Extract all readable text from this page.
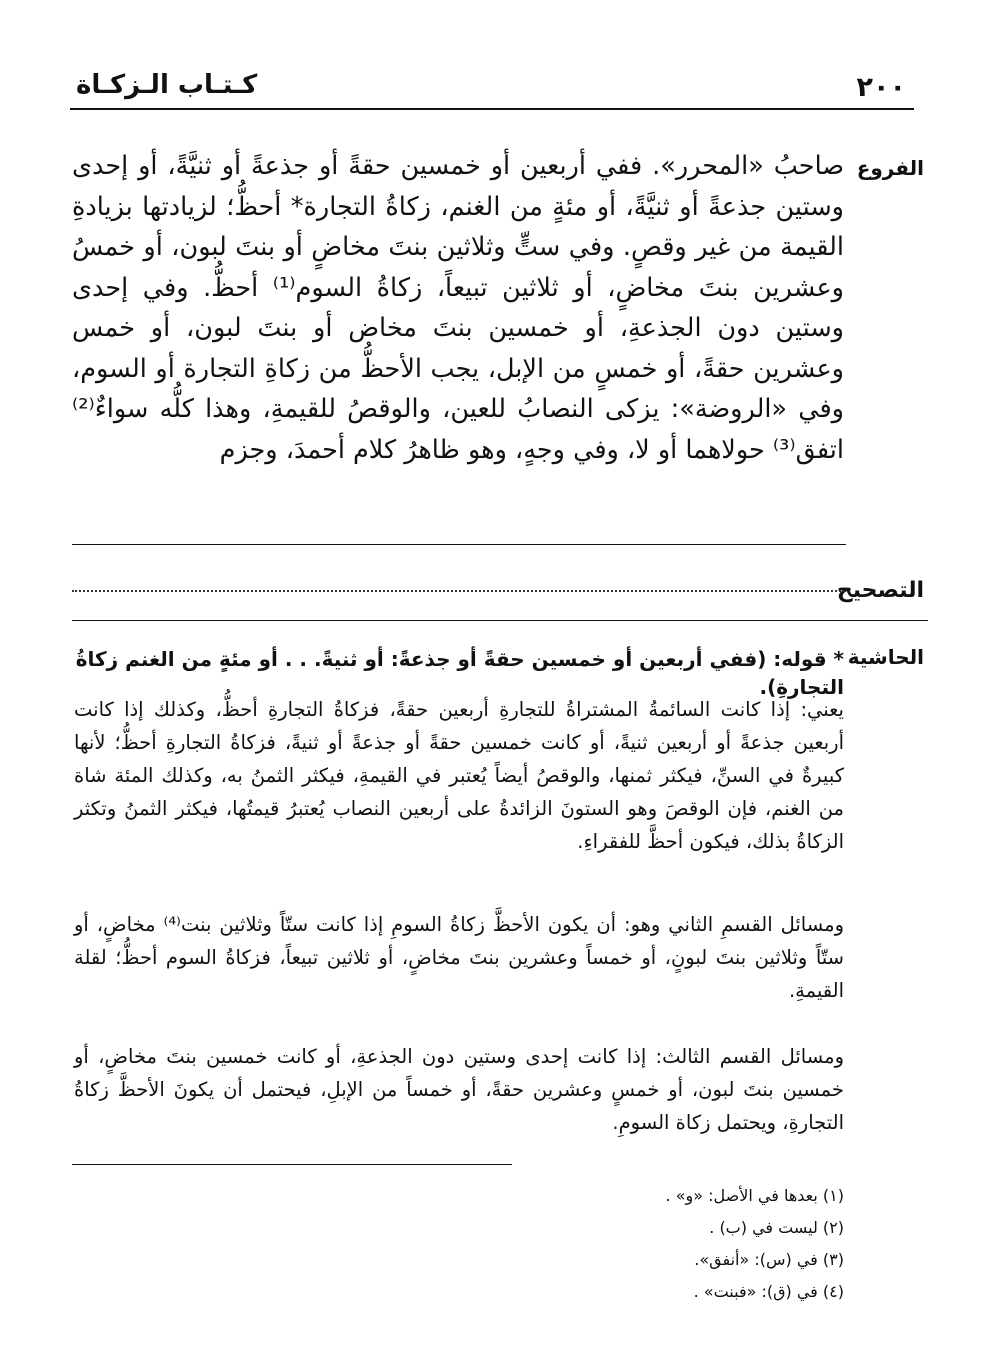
٢٠٠
كـتـاب الـزكـاة
الفروع

صاحبُ «المحرر». ففي أربعين أو خمسين حقةً أو جذعةً أو ثنيَّةً، أو إحدى وستين جذعةً أو ثنيَّةً، أو مئةٍ من الغنم، زكاةُ التجارة* أحظُّ؛ لزيادتها بزيادةِ القيمة من غير وقصٍ. وفي ستٍّ وثلاثين بنتَ مخاضٍ أو بنتَ لبون، أو خمسُ وعشرين بنتَ مخاضٍ، أو ثلاثين تبيعاً، زكاةُ السوم⁽¹⁾ أحظُّ. وفي إحدى وستين دون الجذعةِ، أو خمسين بنتَ مخاض أو بنتَ لبون، أو خمس وعشرين حقةً، أو خمسٍ من الإبل، يجب الأحظُّ من زكاةِ التجارة أو السوم، وفي «الروضة»: يزكى النصابُ للعين، والوقصُ للقيمةِ، وهذا كلُّه سواءٌ⁽²⁾ اتفق⁽³⁾ حولاهما أو لا، وفي وجهٍ، وهو ظاهرُ كلام أحمدَ، وجزم

التصحيح
الحاشية

* قوله: (ففي أربعين أو خمسين حقةً أو جذعةً: أو ثنيةً. . . أو مئةٍ من الغنم زكاةُ التجارةِ).

يعني: إذا كانت السائمةُ المشتراةُ للتجارةِ أربعين حقةً، فزكاةُ التجارةِ أحظُّ، وكذلك إذا كانت أربعين جذعةً أو أربعين ثنيةً، أو كانت خمسين حقةً أو جذعةً أو ثنيةً، فزكاةُ التجارةِ أحظُّ؛ لأنها كبيرةٌ في السنِّ، فيكثر ثمنها، والوقصُ أيضاً يُعتبر في القيمةِ، فيكثر الثمنُ به، وكذلك المئة شاة من الغنم، فإن الوقصَ وهو الستونَ الزائدةُ على أربعين النصاب يُعتبرُ قيمتُها، فيكثر الثمنُ وتكثر الزكاةُ بذلك، فيكون أحظَّ للفقراءِ.

ومسائل القسمِ الثاني وهو: أن يكون الأحظَّ زكاةُ السومِ إذا كانت ستّاً وثلاثين بنت⁽⁴⁾ مخاضٍ، أو ستّاً وثلاثين بنتَ لبونٍ، أو خمساً وعشرين بنتَ مخاضٍ، أو ثلاثين تبيعاً، فزكاةُ السوم أحظُّ؛ لقلة القيمةِ.

ومسائل القسم الثالث: إذا كانت إحدى وستين دون الجذعةِ، أو كانت خمسين بنتَ مخاضٍ، أو خمسين بنتَ لبون، أو خمسٍ وعشرين حقةً، أو خمساً من الإبلِ، فيحتمل أن يكونَ الأحظَّ زكاةُ التجارةِ، ويحتمل زكاة السومِ.

(١) بعدها في الأصل: «و» .
(٢) ليست في (ب) .
(٣) في (س): «أنفق».
(٤) في (ق): «فبنت» .
